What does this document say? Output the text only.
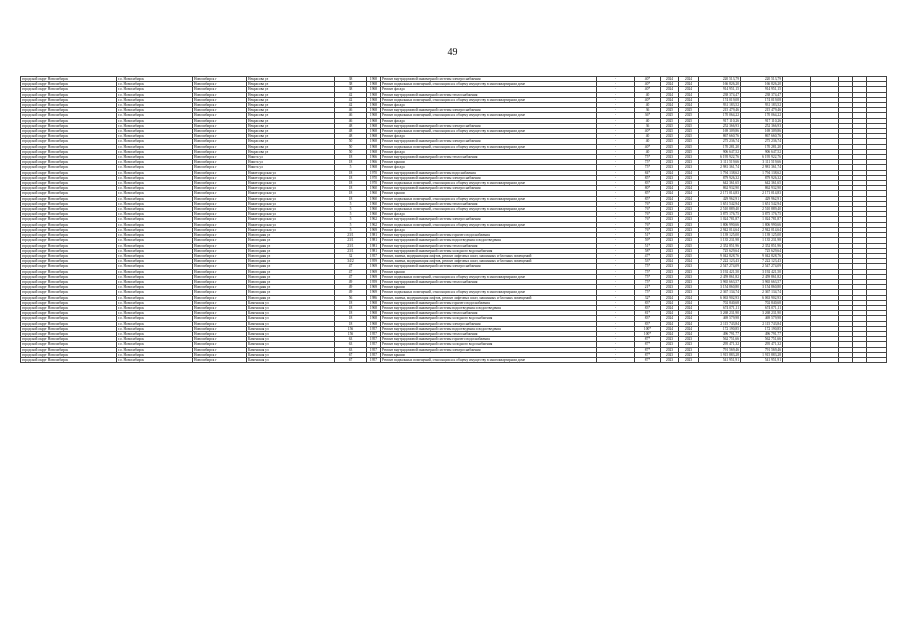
49
городской округ Новосибирск	г.о. Новосибирск	Новосибирск г	Некрасова ул	38	1968	Ремонт внутридомовой инженерной системы электроснабжения	-	40*	2024	2024	220 513,79	220 513,79					
городской округ Новосибирск	г.о. Новосибирск	Новосибирск г	Некрасова ул	38	1968	Ремонт подвальных помещений, относящихся к общему имуществу в многоквартирном доме	-	40*	2024	2024	166 826,20	166 826,20					
городской округ Новосибирск	г.о. Новосибирск	Новосибирск г	Некрасова ул	38	1968	Ремонт фасада	-	40*	2024	2024	914 951,15	914 951,15					
городской округ Новосибирск	г.о. Новосибирск	Новосибирск г	Некрасова ул	42	1968	Ремонт внутридомовой инженерной системы теплоснабжения	-	40	2024	2024	238 374,47	238 374,47					
городской округ Новосибирск	г.о. Новосибирск	Новосибирск г	Некрасова ул	42	1968	Ремонт подвальных помещений, относящихся к общему имуществу в многоквартирном доме	-	40*	2024	2024	174 019,08	174 019,08					
городской округ Новосибирск	г.о. Новосибирск	Новосибирск г	Некрасова ул	42	1968	Ремонт фасада	-	40	2024	2024	931 183,52	931 183,52					
городской округ Новосибирск	г.о. Новосибирск	Новосибирск г	Некрасова ул	46	1968	Ремонт внутридомовой инженерной системы электроснабжения	-	36	2025	2025	215 479,46	215 479,46					
городской округ Новосибирск	г.о. Новосибирск	Новосибирск г	Некрасова ул	46	1968	Ремонт подвальных помещений, относящихся к общему имуществу в многоквартирном доме	-	36*	2025	2025	170 064,22	170 064,22					
городской округ Новосибирск	г.о. Новосибирск	Новосибирск г	Некрасова ул	46	1968	Ремонт фасада	-	40	2025	2025	917 110,26	917 110,26					
городской округ Новосибирск	г.о. Новосибирск	Новосибирск г	Некрасова ул	48	1968	Ремонт внутридомовой инженерной системы электроснабжения	-	36	2025	2025	252 366,93	252 366,93					
городской округ Новосибирск	г.о. Новосибирск	Новосибирск г	Некрасова ул	48	1968	Ремонт подвальных помещений, относящихся к общему имуществу в многоквартирном доме	-	40*	2025	2025	169 309,86	169 309,86					
городской округ Новосибирск	г.о. Новосибирск	Новосибирск г	Некрасова ул	48	1968	Ремонт фасада	-	40	2025	2025	867 660,76	867 660,76					
городской округ Новосибирск	г.о. Новосибирск	Новосибирск г	Некрасова ул	50	1968	Ремонт внутридомовой инженерной системы электроснабжения	-	40	2025	2025	275 236,74	275 236,74					
городской округ Новосибирск	г.о. Новосибирск	Новосибирск г	Некрасова ул	50	1968	Ремонт подвальных помещений, относящихся к общему имуществу в многоквартирном доме	-	40*	2025	2025	170 281,20	170 281,20					
городской округ Новосибирск	г.о. Новосибирск	Новосибирск г	Некрасова ул	50	1968	Ремонт фасада	-	40	2025	2025	906 647,52	906 647,52					
городской округ Новосибирск	г.о. Новосибирск	Новосибирск г	Ништа ул	18	1966	Ремонт внутридомовой инженерной системы теплоснабжения	-	75*	2023	2023	6 195 922,76	6 195 922,76					
городской округ Новосибирск	г.о. Новосибирск	Новосибирск г	Ништа ул	18	1966	Ремонт крыши	-	75*	2023	2023	3 111 519,66	3 111 519,66					
городской округ Новосибирск	г.о. Новосибирск	Новосибирск г	Ништа ул	5	1968	Ремонт фасада	-	75*	2023	2023	2 981 361,74	2 981 361,74					
городской округ Новосибирск	г.о. Новосибирск	Новосибирск г	Нижегородская ул	18	1970	Ремонт внутридомовой инженерной системы водоснабжения	-	84*	2024	2024	1 794 138,62	1 794 138,62					
городской округ Новосибирск	г.о. Новосибирск	Новосибирск г	Нижегородская ул	18	1970	Ремонт внутридомовой инженерной системы электроснабжения	-	85*	2023	2023	879 926,32	879 926,32					
городской округ Новосибирск	г.о. Новосибирск	Новосибирск г	Нижегородская ул	18	1970	Ремонт подвальных помещений, относящихся к общему имуществу в многоквартирном доме	-	83*	2023	2023	642 361,65	642 361,65					
городской округ Новосибирск	г.о. Новосибирск	Новосибирск г	Нижегородская ул	18	1960	Ремонт внутридомовой инженерной системы электроснабжения	-	80*	2024	2024	862 932,90	862 932,90					
городской округ Новосибирск	г.о. Новосибирск	Новосибирск г	Нижегородская ул	18	1960	Ремонт крыши	-	85*	2024	2024	2 171 014,83	2 171 014,83					
городской округ Новосибирск	г.о. Новосибирск	Новосибирск г	Нижегородская ул	18	1960	Ремонт подвальных помещений, относящихся к общему имуществу в многоквартирном доме	-	85*	2024	2024	429 962,91	429 962,91					
городской округ Новосибирск	г.о. Новосибирск	Новосибирск г	Нижегородская ул	5	1960	Ремонт внутридомовой инженерной системы теплоснабжения	-	76*	2023	2023	1 651 542,94	1 651 542,94					
городской округ Новосибирск	г.о. Новосибирск	Новосибирск г	Нижегородская ул	5	1960	Ремонт подвальных помещений, относящихся к общему имуществу в многоквартирном доме	-	76*	2023	2023	2 510 889,40	2 510 889,40					
городской округ Новосибирск	г.о. Новосибирск	Новосибирск г	Нижегородская ул	5	1960	Ремонт фасада	-	76*	2023	2023	3 875 176,75	3 875 176,75					
городской округ Новосибирск	г.о. Новосибирск	Новосибирск г	Нижегородская ул	5	1962	Ремонт внутридомовой инженерной системы электроснабжения	-	76*	2023	2023	1 024 781,87	1 024 781,87					
городской округ Новосибирск	г.о. Новосибирск	Новосибирск г	Нижегородская ул	5	1962	Ремонт подвальных помещений, относящихся к общему имуществу в многоквартирном доме	-	76*	2023	2023	1 806 990,66	1 806 990,66					
городской округ Новосибирск	г.о. Новосибирск	Новосибирск г	Нижегородская ул	5	1969	Ремонт фасада	-	76*	2023	2023	2 942 014,64	2 942 014,64					
городской округ Новосибирск	г.о. Новосибирск	Новосибирск г	Новогодняя ул	23/1	1981	Ремонт внутридомовой инженерной системы горячего водоснабжения	-	51*	2023	2023	1 139 125,00	1 139 125,00					
городской округ Новосибирск	г.о. Новосибирск	Новосибирск г	Новогодняя ул	23/1	1981	Ремонт внутридомовой инженерной системы водоотведения и водоотведения	-	59*	2023	2023	1 135 231,98	1 135 231,98					
городской округ Новосибирск	г.о. Новосибирск	Новосибирск г	Новогодняя ул	23/1	1981	Ремонт внутридомовой инженерной системы теплоснабжения	-	51*	2025	2025	2 352 851,96	2 352 851,96					
городской округ Новосибирск	г.о. Новосибирск	Новосибирск г	Новогодняя ул	23/1	1981	Ремонт внутридомовой инженерной системы холодного водоснабжения	-	58*	2023	2023	725 629,64	725 629,64					
городской округ Новосибирск	г.о. Новосибирск	Новосибирск г	Новогодняя ул	32	1957	Ремонт, замена, модернизация лифтов, ремонт лифтовых шахт, машинных и блочных помещений	-	47*	2025	2025	9 042 828,76	9 042 828,76					
городской округ Новосибирск	г.о. Новосибирск	Новосибирск г	Новогодняя ул	34/2	1959	Ремонт, замена, модернизация лифтов, ремонт лифтовых шахт, машинных и блочных помещений	-	53*	2024	2024	7 222 123,43	7 222 123,43					
городской округ Новосибирск	г.о. Новосибирск	Новосибирск г	Новогодняя ул	47	1969	Ремонт внутридомовой инженерной системы электроснабжения	-	75*	2023	2023	2 547 274,09	2 547 274,09					
городской округ Новосибирск	г.о. Новосибирск	Новосибирск г	Новогодняя ул	47	1969	Ремонт крыши	-	75*	2023	2023	3 192 421,50	3 192 421,50					
городской округ Новосибирск	г.о. Новосибирск	Новосибирск г	Новогодняя ул	47	1969	Ремонт подвальных помещений, относящихся к общему имуществу в многоквартирном доме	-	75*	2023	2023	2 459 861,82	2 459 861,82					
городской округ Новосибирск	г.о. Новосибирск	Новосибирск г	Новогодняя ул	49	1959	Ремонт внутридомовой инженерной системы теплоснабжения	-	75*	2023	2023	3 965 663,57	3 965 663,57					
городской округ Новосибирск	г.о. Новосибирск	Новосибирск г	Новогодняя ул	49	1969	Ремонт крыши	-	21*	2023	2023	3 154 860,80	3 154 860,80					
городской округ Новосибирск	г.о. Новосибирск	Новосибирск г	Новогодняя ул	49	1969	Ремонт подвальных помещений, относящихся к общему имуществу в многоквартирном доме	-	75*	2023	2023	2 367 134,74	2 367 134,74					
городской округ Новосибирск	г.о. Новосибирск	Новосибирск г	Новогодняя ул	56	1986	Ремонт, замена, модернизация лифтов, ремонт лифтовых шахт, машинных и блочных помещений	-	32*	2024	2024	6 063 902,93	6 063 902,93					
городской округ Новосибирск	г.о. Новосибирск	Новосибирск г	Каменская ул	18	1968	Ремонт внутридомовой инженерной системы горячего водоснабжения	-	83*	2024	2024	702 840,68	702 840,68					
городской округ Новосибирск	г.о. Новосибирск	Новосибирск г	Каменская ул	18	1968	Ремонт внутридомовой инженерной системы водоотведения и водоотведения	-	83*	2024	2024	674 071,11	674 071,11					
городской округ Новосибирск	г.о. Новосибирск	Новосибирск г	Каменская ул	18	1968	Ремонт внутридомовой инженерной системы теплоснабжения	-	81*	2024	2024	3 268 231,90	3 268 231,90					
городской округ Новосибирск	г.о. Новосибирск	Новосибирск г	Каменская ул	18	1968	Ремонт внутридомовой инженерной системы холодного водоснабжения	-	83*	2024	2024	469 579,98	469 579,98					
городской округ Новосибирск	г.о. Новосибирск	Новосибирск г	Каменская ул	18	1968	Ремонт внутридомовой инженерной системы электроснабжения	-	83*	2024	2024	2 115 743,84	2 115 743,84					
городской округ Новосибирск	г.о. Новосибирск	Новосибирск г	Каменская ул	156	1957	Ремонт внутридомовой инженерной системы водоотведения и водоотведения	-	100*	2024	2024	172 190,85	172 190,85					
городской округ Новосибирск	г.о. Новосибирск	Новосибирск г	Каменская ул	156	1957	Ремонт внутридомовой инженерной системы теплоснабжения	-	100*	2024	2024	496 791,77	496 791,77					
городской округ Новосибирск	г.о. Новосибирск	Новосибирск г	Каменская ул	63	1957	Ремонт внутридомовой инженерной системы горячего водоснабжения	-	87*	2023	2023	562 751,66	562 751,66					
городской округ Новосибирск	г.о. Новосибирск	Новосибирск г	Каменская ул	63	1957	Ремонт внутридомовой инженерной системы холодного водоснабжения	-	87*	2023	2023	295 471,32	295 471,32					
городской округ Новосибирск	г.о. Новосибирск	Новосибирск г	Каменская ул	63	1957	Ремонт внутридомовой инженерной системы электроснабжения	-	87*	2023	2023	791 569,46	791 569,46					
городской округ Новосибирск	г.о. Новосибирск	Новосибирск г	Каменская ул	67	1957	Ремонт крыши	-	87*	2023	2023	1 915 883,28	1 915 883,28					
городской округ Новосибирск	г.о. Новосибирск	Новосибирск г	Каменская ул	67	1957	Ремонт подвальных помещений, относящихся к общему имуществу в многоквартирном доме	-	87*	2023	2023	541 951,91	541 951,91					
